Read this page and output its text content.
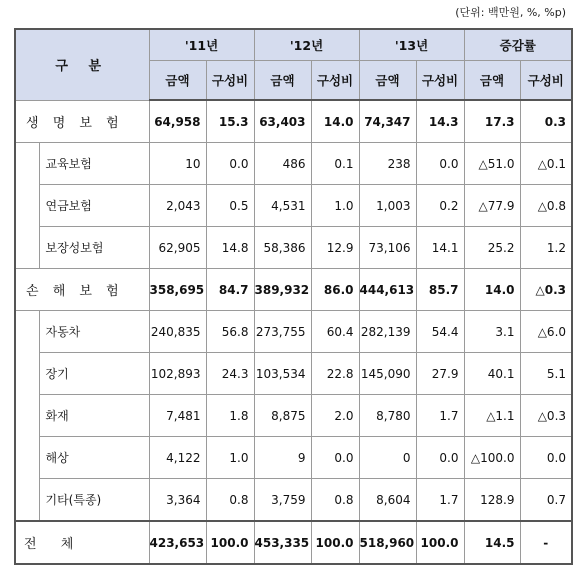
(단위: 백만원, %, %p)
구 분		'11년		'12년		'13년		증감률	
		금액	구성비	금액	구성비	금액	구성비	금액	구성비
생 명 보 험		64,958	15.3	63,403	14.0	74,347	14.3	17.3	0.3
	교육보험	10	0.0	486	0.1	238	0.0	△51.0	△0.1
	연금보험	2,043	0.5	4,531	1.0	1,003	0.2	△77.9	△0.8
	보장성보험	62,905	14.8	58,386	12.9	73,106	14.1	25.2	1.2
손 해 보 험		358,695	84.7	389,932	86.0	444,613	85.7	14.0	△0.3
	자동차	240,835	56.8	273,755	60.4	282,139	54.4	3.1	△6.0
	장기	102,893	24.3	103,534	22.8	145,090	27.9	40.1	5.1
	화재	7,481	1.8	8,875	2.0	8,780	1.7	△1.1	△0.3
	해상	4,122	1.0	9	0.0	0	0.0	△100.0	0.0
	기타(특종)	3,364	0.8	3,759	0.8	8,604	1.7	128.9	0.7
전 체		423,653	100.0	453,335	100.0	518,960	100.0	14.5	-
